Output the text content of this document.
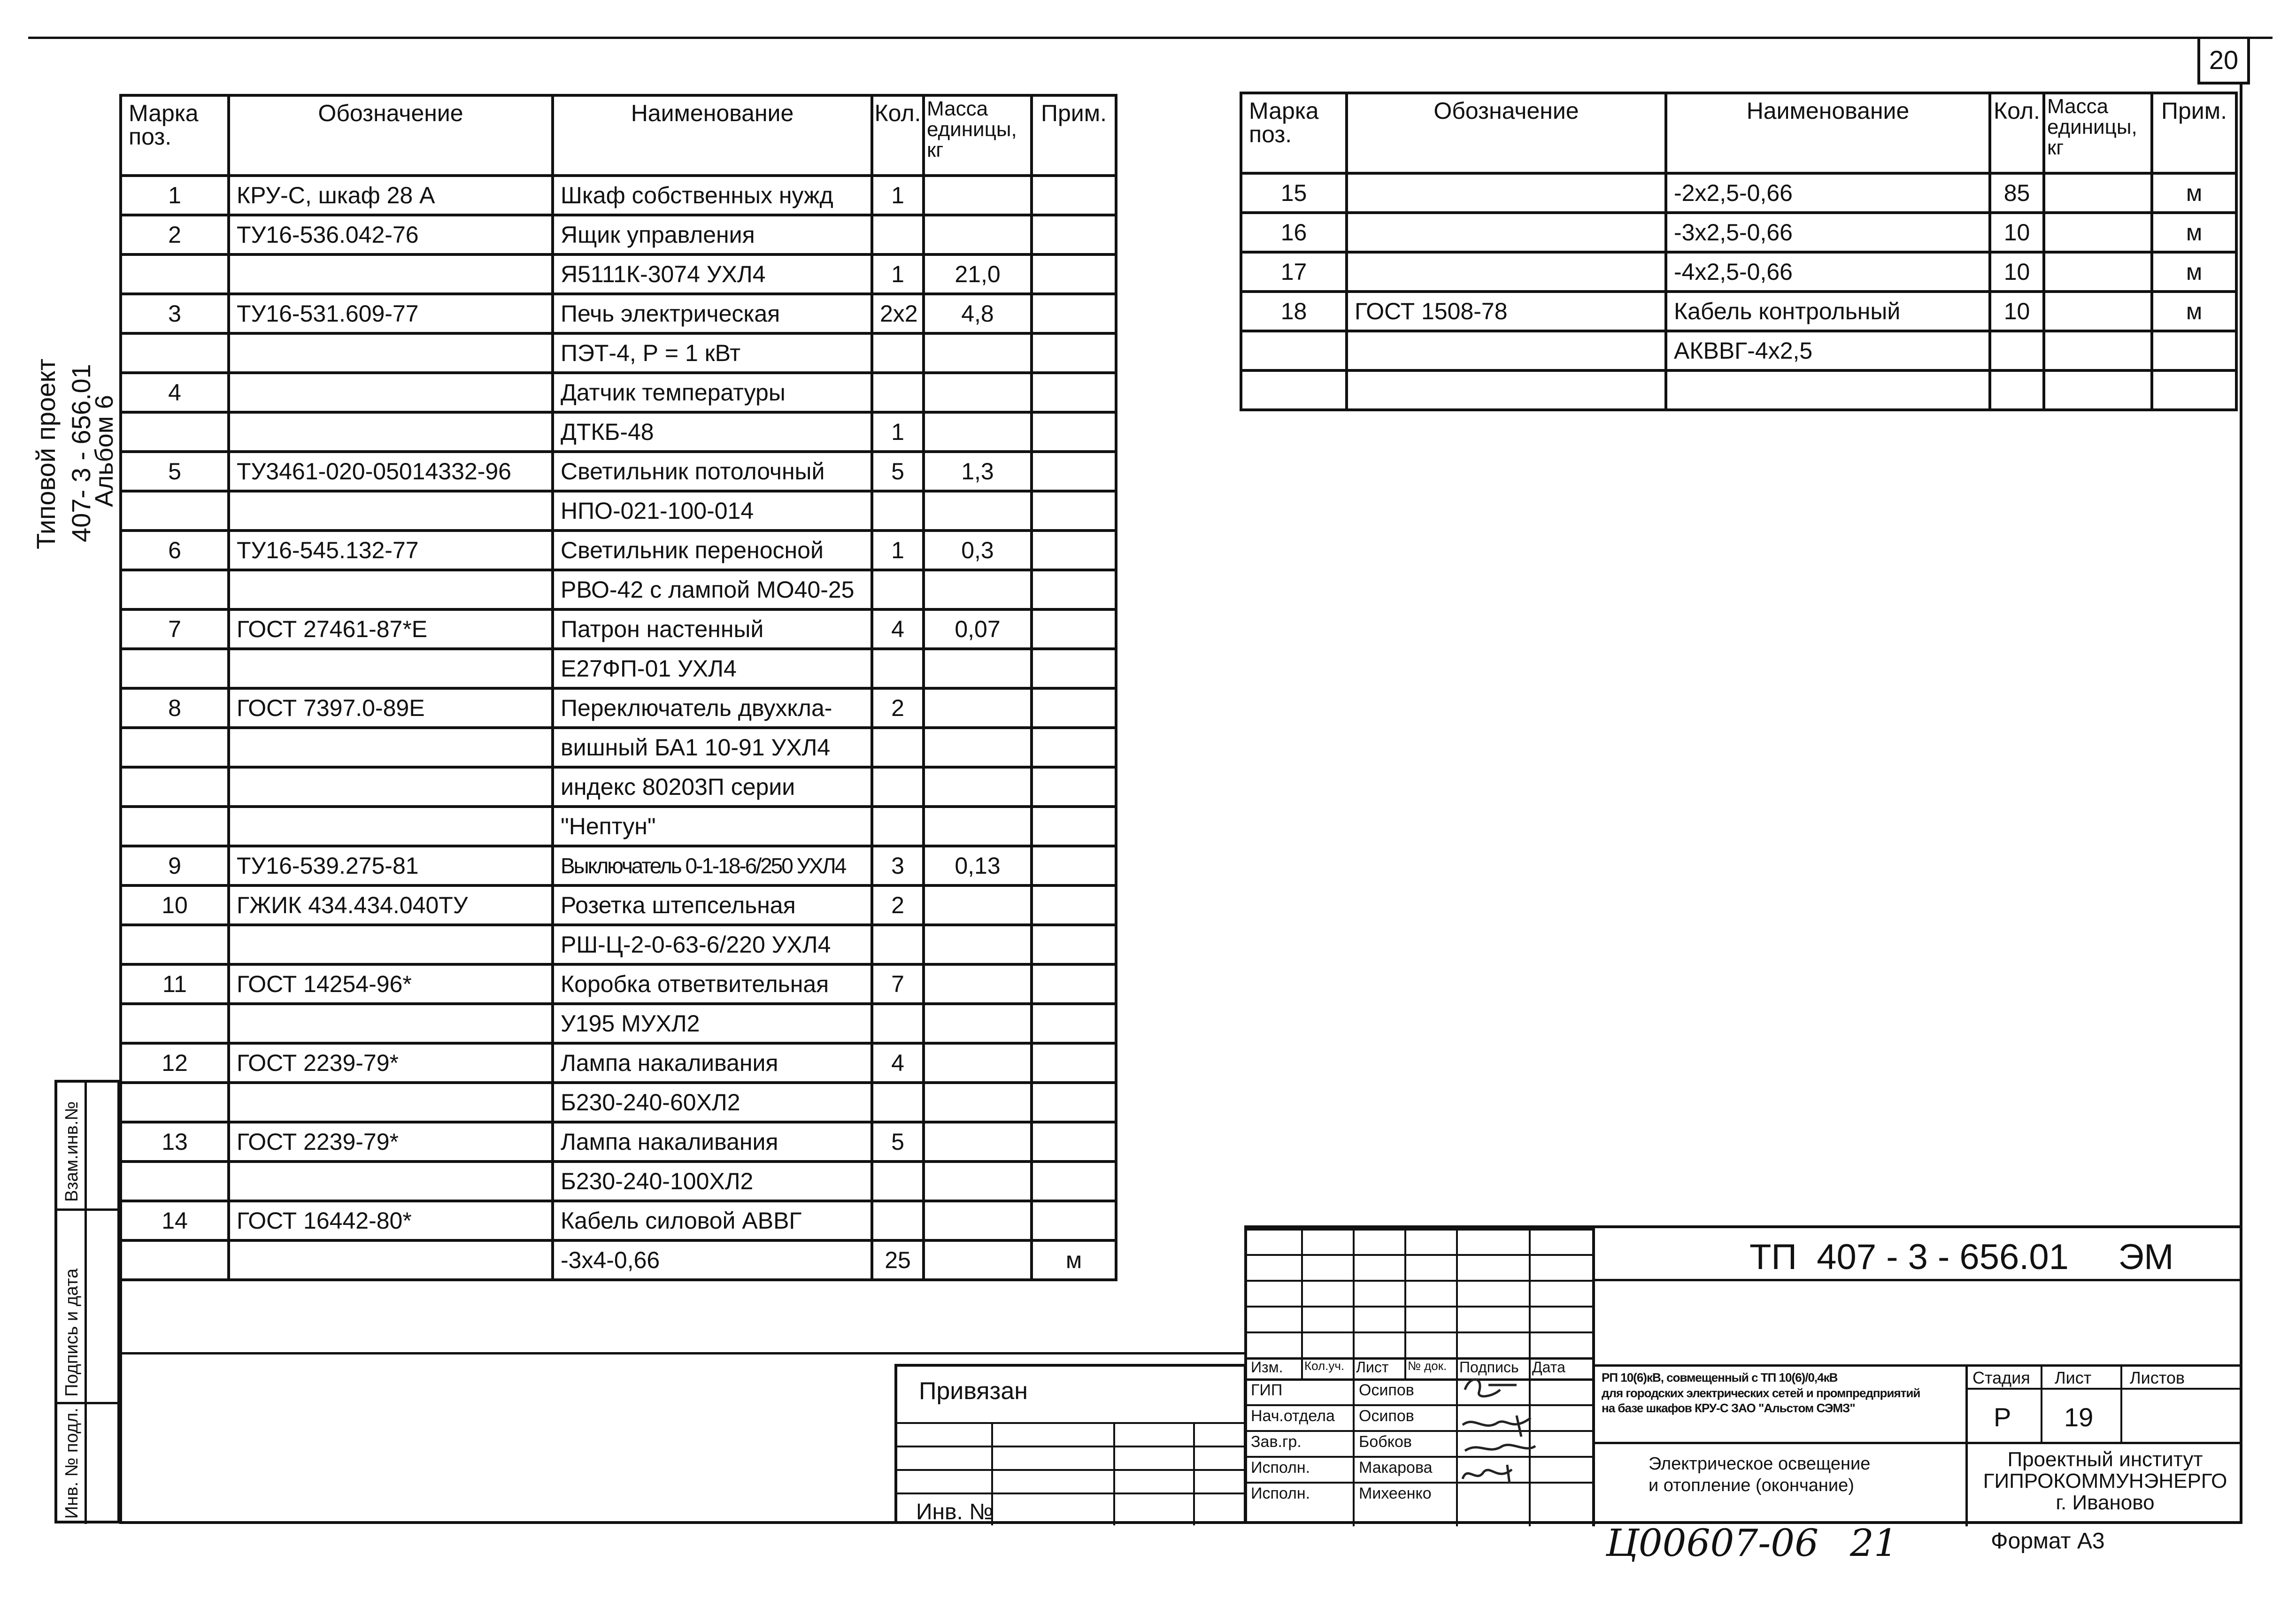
20
Типовой проект 407- 3 - 656.01
Альбом 6
Взам.инв.№
Подпись и дата
Инв. № подл.
Марка поз.	Обозначение	Наименование	Кол.	Масса единицы, кг	Прим.
1	КРУ-С, шкаф 28 А	Шкаф собственных нужд	1		
2	ТУ16-536.042-76	Ящик управления			
		Я5111К-3074 УХЛ4	1	21,0	
3	ТУ16-531.609-77	Печь электрическая	2х2	4,8	
		ПЭТ-4, Р = 1 кВт			
4		Датчик температуры			
		ДТКБ-48	1		
5	ТУ3461-020-05014332-96	Светильник потолочный	5	1,3	
		НПО-021-100-014			
6	ТУ16-545.132-77	Светильник переносной	1	0,3	
		РВО-42 с лампой МО40-25			
7	ГОСТ 27461-87*Е	Патрон настенный	4	0,07	
		Е27ФП-01 УХЛ4			
8	ГОСТ 7397.0-89Е	Переключатель двухкла-	2		
		вишный БА1 10-91 УХЛ4			
		индекс 80203П серии			
		"Нептун"			
9	ТУ16-539.275-81	Выключатель 0-1-18-6/250 УХЛ4	3	0,13	
10	ГЖИК 434.434.040ТУ	Розетка штепсельная	2		
		РШ-Ц-2-0-63-6/220 УХЛ4			
11	ГОСТ 14254-96*	Коробка ответвительная	7		
		У195 МУХЛ2			
12	ГОСТ 2239-79*	Лампа накаливания	4		
		Б230-240-60ХЛ2			
13	ГОСТ 2239-79*	Лампа накаливания	5		
		Б230-240-100ХЛ2			
14	ГОСТ 16442-80*	Кабель силовой АВВГ			
		-3х4-0,66	25		м
Марка поз.	Обозначение	Наименование	Кол.	Масса единицы, кг	Прим.
15		-2х2,5-0,66	85		м
16		-3х2,5-0,66	10		м
17		-4х2,5-0,66	10		м
18	ГОСТ 1508-78	Кабель контрольный	10		м
		АКВВГ-4х2,5			

Привязан
Инв. №
Изм. Кол.уч. Лист № док. Подпись Дата
ГИП	Осипов
Нач.отдела Осипов
Зав.гр.	Бобков
Исполн.	Макарова
Исполн.	Михеенко
ТП  407 - 3 - 656.01     ЭМ
РП 10(6)кВ, совмещенный с ТП 10(6)/0,4кВ
для городских электрических сетей и промпредприятий
на базе шкафов КРУ-С ЗАО "Альстом СЭМЗ"
Электрическое освещение
и отопление (окончание)
Стадия Лист Листов
Р 19
Проектный институт
ГИПРОКОММУНЭНЕРГО
г. Иваново
Ц00607-06 21	Формат А3
